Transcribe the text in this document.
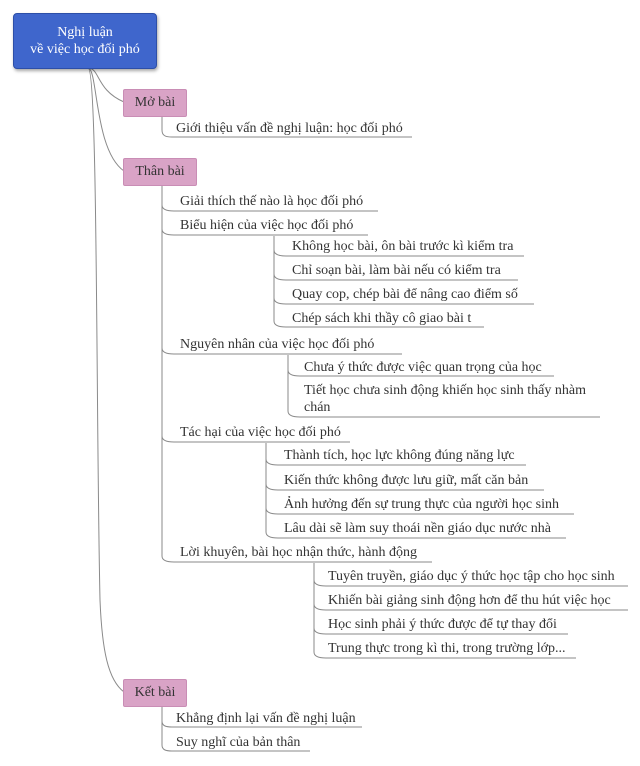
Nghị luận
về việc học đối phó
Mở bài
Giới thiệu vấn đề nghị luận: học đối phó
Thân bài
Giải thích thế nào là học đối phó
Biểu hiện của việc học đối phó
Không học bài, ôn bài trước kì kiểm tra
Chỉ soạn bài, làm bài nếu có kiểm tra
Quay cop, chép bài để nâng cao điểm số
Chép sách khi thầy cô giao bài t
Nguyên nhân của việc học đối phó
Chưa ý thức được việc quan trọng của học
Tiết học chưa sinh động khiến học sinh thấy nhàm chán
Tác hại của việc học đối phó
Thành tích, học lực không đúng năng lực
Kiến thức không được lưu giữ, mất căn bản
Ảnh hưởng đến sự trung thực của người học sinh
Lâu dài sẽ làm suy thoái nền giáo dục nước nhà
Lời khuyên, bài học nhận thức, hành động
Tuyên truyền, giáo dục ý thức học tập cho học sinh
Khiến bài giảng sinh động hơn để thu hút việc học
Học sinh phải ý thức được để tự thay đổi
Trung thực trong kì thi, trong trường lớp...
Kết bài
Khẳng định lại vấn đề nghị luận
Suy nghĩ của bản thân
